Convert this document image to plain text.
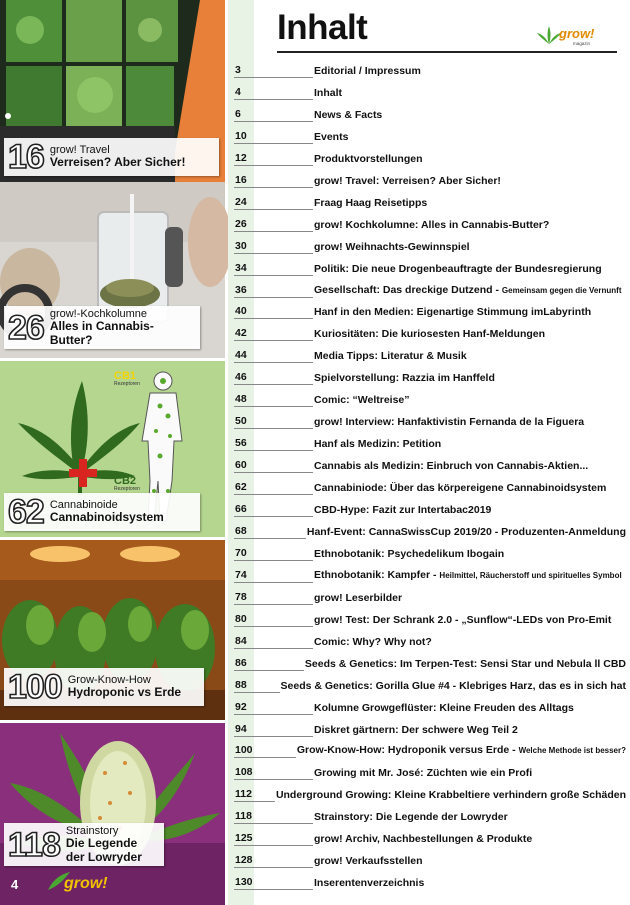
16 grow! Travel
Verreisen? Aber Sicher!
26 grow!-Kochkolumne
Alles in Cannabis-Butter?
CB1
Rezeptoren
CB2
Rezeptoren
62 Cannabinoide
Cannabinoidsystem
100 Grow-Know-How
Hydroponic vs Erde
118 Strainstory
Die Legende der Lowryder
4	grow!
Inhalt	grow!
magazin
3	Editorial / Impressum
4	Inhalt
6	News & Facts
10	Events
12	Produktvorstellungen
16	grow! Travel: Verreisen? Aber Sicher!
24	Fraag Haag Reisetipps
26	grow! Kochkolumne: Alles in Cannabis-Butter?
30	grow! Weihnachts-Gewinnspiel
34	Politik: Die neue Drogenbeauftragte der Bundesregierung
36	Gesellschaft: Das dreckige Dutzend - Gemeinsam gegen die Vernunft
40	Hanf in den Medien: Eigenartige Stimmung imLabyrinth
42	Kuriositäten: Die kuriosesten Hanf-Meldungen
44	Media Tipps: Literatur & Musik
46	Spielvorstellung: Razzia im Hanffeld
48	Comic: “Weltreise”
50	grow! Interview: Hanfaktivistin Fernanda de la Figuera
56	Hanf als Medizin: Petition
60	Cannabis als Medizin: Einbruch von Cannabis-Aktien...
62	Cannabiniode: Über das körpereigene Cannabinoidsystem
66	CBD-Hype: Fazit zur Intertabac2019
68	Hanf-Event: CannaSwissCup 2019/20 - Produzenten-Anmeldung
70	Ethnobotanik: Psychedelikum Ibogain
74	Ethnobotanik: Kampfer - Heilmittel, Räucherstoff und spirituelles Symbol
78	grow! Leserbilder
80	grow! Test: Der Schrank 2.0 - „Sunflow“-LEDs von Pro-Emit
84	Comic: Why? Why not?
86	Seeds & Genetics: Im Terpen-Test: Sensi Star und Nebula ll CBD
88	Seeds & Genetics: Gorilla Glue #4 - Klebriges Harz, das es in sich hat
92	Kolumne Growgeflüster: Kleine Freuden des Alltags
94	Diskret gärtnern: Der schwere Weg Teil 2
100	Grow-Know-How: Hydroponik versus Erde - Welche Methode ist besser?
108	Growing mit Mr. José: Züchten wie ein Profi
112	Underground Growing: Kleine Krabbeltiere verhindern große Schäden
118	Strainstory: Die Legende der Lowryder
125	grow! Archiv, Nachbestellungen & Produkte
128	grow! Verkaufsstellen
130	Inserentenverzeichnis
